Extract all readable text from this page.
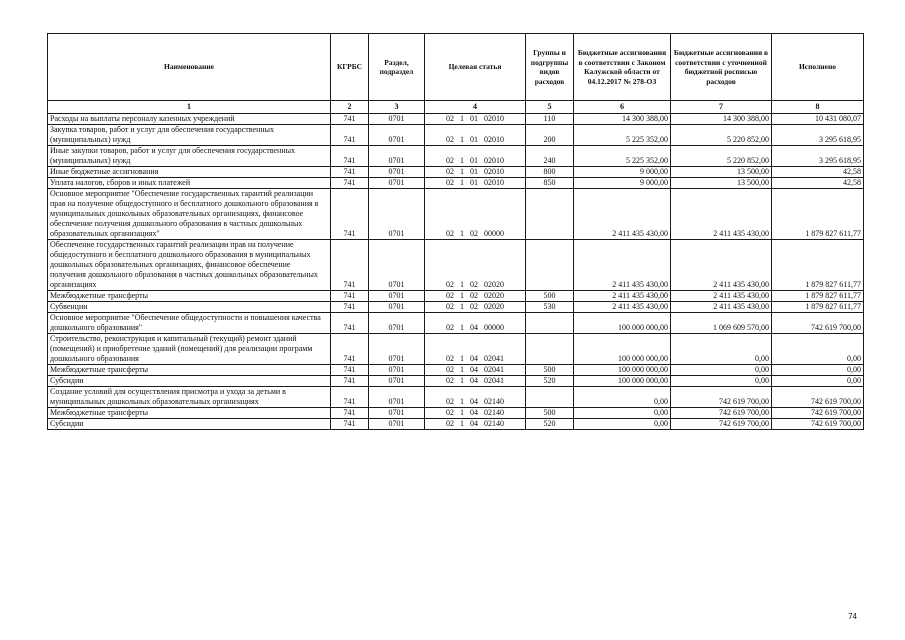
Наименование	КГРБС	Раздел, подраздел	Целевая статья	Группы и подгруппы видов расходов	Бюджетные ассигнования в соответствии с Законом Калужской области от 04.12.2017 № 278-ОЗ	Бюджетные ассигнования в соответствии с уточненной бюджетной росписью расходов	Исполнено
1	2	3	4	5	6	7	8
Расходы на выплаты персоналу казенных учреждений	741	0701	02 1 01 02010	110	14 300 388,00	14 300 388,00	10 431 080,07
Закупка товаров, работ и услуг для обеспечения государственных (муниципальных) нужд	741	0701	02 1 01 02010	200	5 225 352,00	5 220 852,00	3 295 618,95
Иные закупки товаров, работ и услуг для обеспечения государственных (муниципальных) нужд	741	0701	02 1 01 02010	240	5 225 352,00	5 220 852,00	3 295 618,95
Иные бюджетные ассигнования	741	0701	02 1 01 02010	800	9 000,00	13 500,00	42,58
Уплата налогов, сборов и иных платежей	741	0701	02 1 01 02010	850	9 000,00	13 500,00	42,58
Основное мероприятие "Обеспечение государственных гарантий реализации прав на получение общедоступного и бесплатного дошкольного образования в муниципальных дошкольных образовательных организациях, финансовое обеспечение получения дошкольного образования в частных дошкольных образовательных организациях"	741	0701	02 1 02 00000		2 411 435 430,00	2 411 435 430,00	1 879 827 611,77
Обеспечение государственных гарантий реализации прав на получение общедоступного и бесплатного дошкольного образования в муниципальных дошкольных образовательных организациях, финансовое обеспечение получения дошкольного образования в частных дошкольных образовательных организациях	741	0701	02 1 02 02020		2 411 435 430,00	2 411 435 430,00	1 879 827 611,77
Межбюджетные трансферты	741	0701	02 1 02 02020	500	2 411 435 430,00	2 411 435 430,00	1 879 827 611,77
Субвенции	741	0701	02 1 02 02020	530	2 411 435 430,00	2 411 435 430,00	1 879 827 611,77
Основное мероприятие "Обеспечение общедоступности и повышения качества дошкольного образования"	741	0701	02 1 04 00000		100 000 000,00	1 069 609 570,00	742 619 700,00
Строительство, реконструкция и капитальный (текущий) ремонт зданий (помещений) и приобретение зданий (помещений) для реализации программ дошкольного образования	741	0701	02 1 04 02041		100 000 000,00	0,00	0,00
Межбюджетные трансферты	741	0701	02 1 04 02041	500	100 000 000,00	0,00	0,00
Субсидии	741	0701	02 1 04 02041	520	100 000 000,00	0,00	0,00
Создание условий для осуществления присмотра и ухода за детьми в муниципальных дошкольных образовательных организациях	741	0701	02 1 04 02140		0,00	742 619 700,00	742 619 700,00
Межбюджетные трансферты	741	0701	02 1 04 02140	500	0,00	742 619 700,00	742 619 700,00
Субсидии	741	0701	02 1 04 02140	520	0,00	742 619 700,00	742 619 700,00
74
